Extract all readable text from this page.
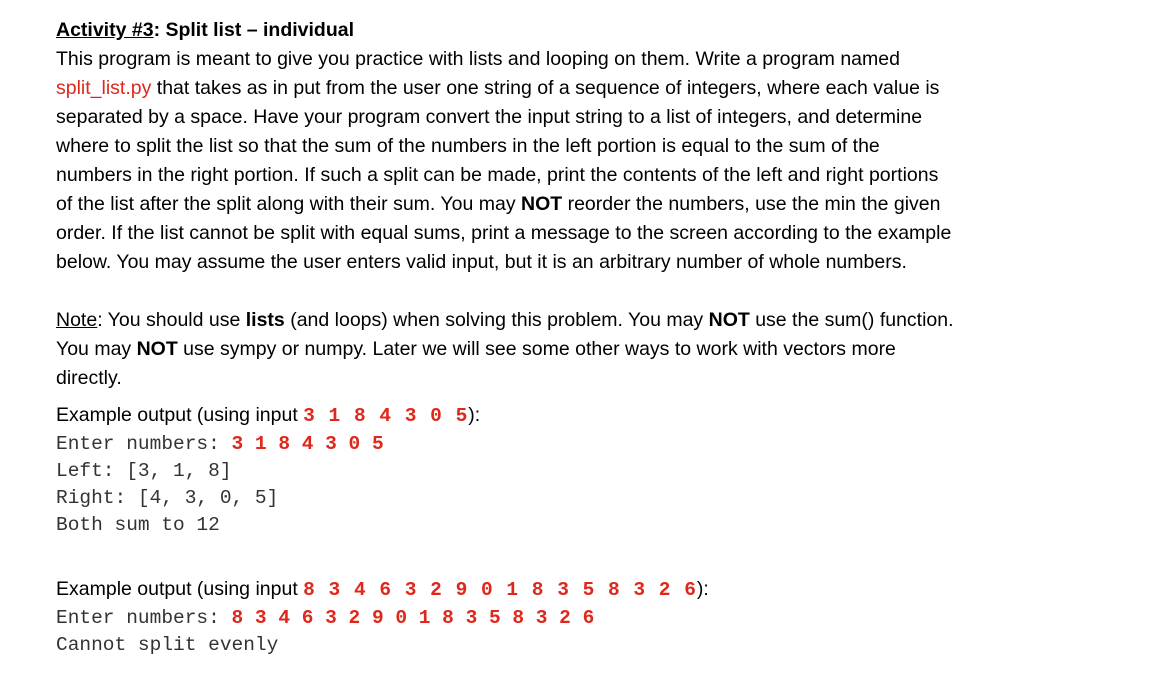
Activity #3: Split list – individual
This program is meant to give you practice with lists and looping on them. Write a program named
split_list.py that takes as in put from the user one string of a sequence of integers, where each value is
separated by a space. Have your program convert the input string to a list of integers, and determine
where to split the list so that the sum of the numbers in the left portion is equal to the sum of the
numbers in the right portion. If such a split can be made, print the contents of the left and right portions
of the list after the split along with their sum. You may NOT reorder the numbers, use the min the given
order. If the list cannot be split with equal sums, print a message to the screen according to the example
below. You may assume the user enters valid input, but it is an arbitrary number of whole numbers.
Note: You should use lists (and loops) when solving this problem. You may NOT use the sum() function.
You may NOT use sympy or numpy. Later we will see some other ways to work with vectors more
directly.
Example output (using input 3 1 8 4 3 0 5):
Enter numbers: 3 1 8 4 3 0 5
Left: [3, 1, 8]
Right: [4, 3, 0, 5]
Both sum to 12
Example output (using input 8 3 4 6 3 2 9 0 1 8 3 5 8 3 2 6):
Enter numbers: 8 3 4 6 3 2 9 0 1 8 3 5 8 3 2 6
Cannot split evenly
